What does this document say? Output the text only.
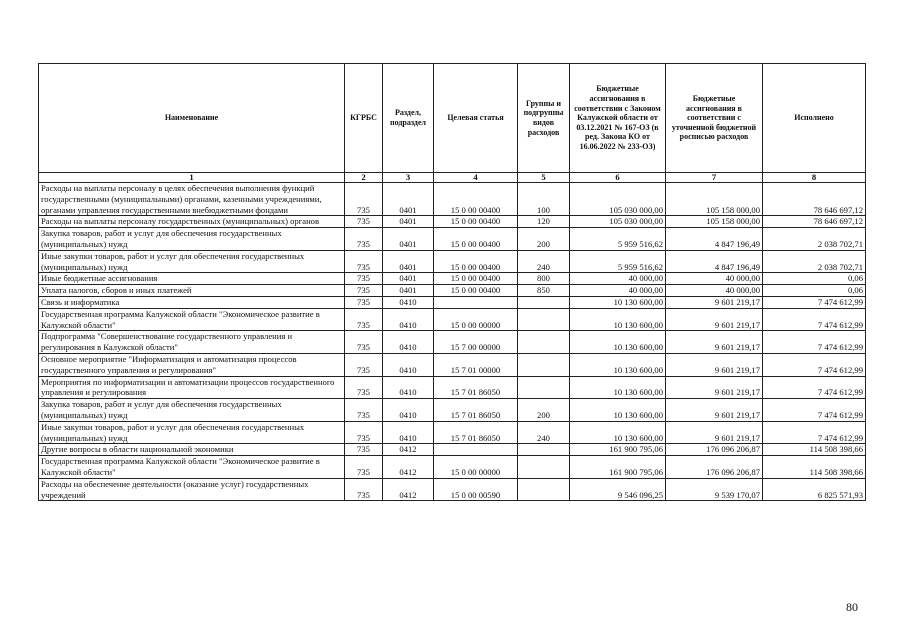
Наименование	КГРБС	Раздел, подраздел	Целевая статья	Группы и подгруппы видов расходов	Бюджетные ассигнования в соответствии с Законом Калужской области от 03.12.2021 № 167-ОЗ (в ред. Закона КО от 16.06.2022 № 233-ОЗ)	Бюджетные ассигнования в соответствии с уточненной бюджетной росписью расходов	Исполнено
1	2	3	4	5	6	7	8
Расходы на выплаты персоналу в целях обеспечения выполнения функций государственными (муниципальными) органами, казенными учреждениями, органами управления государственными внебюджетными фондами	735	0401	15 0 00 00400	100	105 030 000,00	105 158 000,00	78 646 697,12
Расходы на выплаты персоналу государственных (муниципальных) органов	735	0401	15 0 00 00400	120	105 030 000,00	105 158 000,00	78 646 697,12
Закупка товаров, работ и услуг для обеспечения государственных (муниципальных) нужд	735	0401	15 0 00 00400	200	5 959 516,62	4 847 196,49	2 038 702,71
Иные закупки товаров, работ и услуг для обеспечения государственных (муниципальных) нужд	735	0401	15 0 00 00400	240	5 959 516,62	4 847 196,49	2 038 702,71
Иные бюджетные ассигнования	735	0401	15 0 00 00400	800	40 000,00	40 000,00	0,06
Уплата налогов, сборов и иных платежей	735	0401	15 0 00 00400	850	40 000,00	40 000,00	0,06
Связь и информатика	735	0410			10 130 600,00	9 601 219,17	7 474 612,99
Государственная программа Калужской области "Экономическое развитие в Калужской области"	735	0410	15 0 00 00000		10 130 600,00	9 601 219,17	7 474 612,99
Подпрограмма "Совершенствование государственного управления и регулирования в Калужской области"	735	0410	15 7 00 00000		10 130 600,00	9 601 219,17	7 474 612,99
Основное мероприятие "Информатизация и автоматизация процессов государственного управления и регулирования"	735	0410	15 7 01 00000		10 130 600,00	9 601 219,17	7 474 612,99
Мероприятия по информатизации и автоматизации процессов государственного управления и регулирования	735	0410	15 7 01 86050		10 130 600,00	9 601 219,17	7 474 612,99
Закупка товаров, работ и услуг для обеспечения государственных (муниципальных) нужд	735	0410	15 7 01 86050	200	10 130 600,00	9 601 219,17	7 474 612,99
Иные закупки товаров, работ и услуг для обеспечения государственных (муниципальных) нужд	735	0410	15 7 01 86050	240	10 130 600,00	9 601 219,17	7 474 612,99
Другие вопросы в области национальной экономики	735	0412			161 900 795,06	176 096 206,87	114 508 398,66
Государственная программа Калужской области "Экономическое развитие в Калужской области"	735	0412	15 0 00 00000		161 900 795,06	176 096 206,87	114 508 398,66
Расходы на обеспечение деятельности (оказание услуг) государственных учреждений	735	0412	15 0 00 00590		9 546 096,25	9 539 170,07	6 825 571,93
80
